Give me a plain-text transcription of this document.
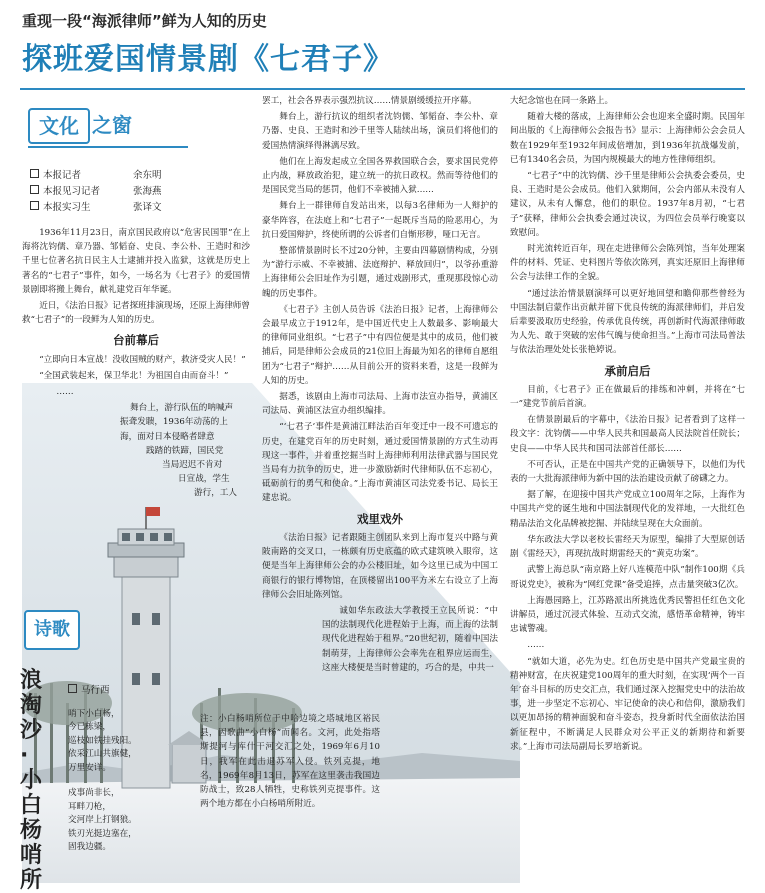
重现一段“海派律师”鲜为人知的历史
探班爱国情景剧《七君子》
文化 之窗
本报记者	余东明
本报见习记者	张海燕
本报实习生	张译文

1936年11月23日，南京国民政府以“危害民国罪”在上海将沈钧儒、章乃器、邹韬奋、史良、李公朴、王造时和沙千里七位著名抗日民主人士逮捕并投入监狱，这就是历史上著名的“七君子”事件，如今，一场名为《七君子》的爱国情景剧即将搬上舞台，献礼建党百年华诞。

近日，《法治日报》记者探班排演现场，还原上海律师曾救“七君子”的一段鲜为人知的历史。

台前幕后

“立即向日本宣战！没收国贼的财产，救济受灾人民！”

“全国武装起来，保卫华北！为祖国自由而奋斗！”

……

舞台上，游行队伍的呐喊声
振聋发聩，1936年动荡的上
海，面对日本侵略者肆意
践踏的铁蹄，国民党
当局迟迟不肯对
日宣战，学生
游行，工人

罢工，社会各界表示强烈抗议……情景剧缓缓拉开序幕。

舞台上，游行抗议的组织者沈钧儒、邹韬奋、李公朴、章乃器、史良、王造时和沙千里等人陆续出场，演员们将他们的爱国热情演绎得淋漓尽致。

他们在上海发起成立全国各界救国联合会，要求国民党停止内战，释放政治犯，建立统一的抗日政权。然而等待他们的是国民党当局的惩罚，他们不幸被捕入狱……

舞台上一群律师自发站出来，以每3名律师为一人辩护的豪华阵容，在法庭上和“七君子”一起既斥当局的险恶用心，为抗日爱国辩护，终使所谓的公诉者们自惭形秽，哑口无言。

整部情景剧时长不过20分钟，主要由四幕剧情构成，分别为“游行示威、不幸被捕、法庭辩护、释放回归”，以爷孙重游上海律师公会旧址作为引题，通过戏剧形式，重现那段惊心动魄的历史事件。

《七君子》主创人员告诉《法治日报》记者，上海律师公会最早成立于1912年，是中国近代史上人数最多、影响最大的律师同业组织。“七君子”中有四位便是其中的成员，他们被捕后，同是律师公会成员的21位旧上海最为知名的律师自愿组团为“七君子”辩护……从目前公开的资料来看，这是一段鲜为人知的历史。

据悉，该剧由上海市司法局、上海市法宣办指导，黄浦区司法局、黄浦区法宣办组织编排。

“‘七君子’事件是黄浦江畔法治百年变迁中一段不可遗忘的历史，在建党百年的历史时刻，通过爱国情景剧的方式生动再现这一事件，并着重挖掘当时上海律师利用法律武器与国民党当局有力抗争的历史，进一步激励新时代律师队伍不忘初心，砥砺前行的勇气和使命。”上海市黄浦区司法党委书记、局长王建忠说。

戏里戏外

《法治日报》记者跟随主创团队来到上海市复兴中路与黄陂南路的交叉口，一栋颇有历史底蕴的欧式建筑映入眼帘，这便是当年上海律师公会的办公楼旧址，如今这里已成为中国工商银行的银行博物馆，在顶楼留出100平方米左右设立了上海律师公会旧址陈列馆。

诚如华东政法大学教授王立民所说：“中国的法制现代化进程始于上海，而上海的法制现代化进程始于租界。”20世纪初，随着中国法制萌芽，上海律师公会率先在租界应运而生，这座大楼便是当时曾建的，巧合的是，中共一

大纪念馆也在同一条路上。

随着大楼的落成，上海律师公会也迎来全盛时期。民国年间出版的《上海律师公会报告书》显示：上海律师公会会员人数在1929年至1932年间成倍增加，到1936年抗战爆发前，已有1340名会员，为国内规模最大的地方性律师组织。

“七君子”中的沈钧儒、沙千里是律师公会执委会委员，史良、王造时是公会成员。他们入狱期间，公会内部从未没有人建议，从未有人懈怠，他们的职位。1937年8月初，“七君子”获释，律师公会执委会通过决议，为四位会员举行晚宴以致慰问。

时光流转近百年，现在走进律师公会陈列馆，当年处理案件的材料、凭证、史料图片等依次陈列，真实还原旧上海律师公会与法律工作的全貌。

“通过法治情景剧演绎可以更好地回望和瞻仰那些曾经为中国法制启蒙作出贡献并留下优良传统的海派律师们，并启发后辈要汲取历史经验，传承优良传统，再创新时代海派律师敢为人先、敢于突破的宏伟气魄与使命担当。”上海市司法局普法与依法治理处处长张艳婷说。

承前启后

目前，《七君子》正在做最后的排练和冲刺，并将在“七一”建党节前后首演。

在情景剧最后的字幕中，《法治日报》记者看到了这样一段文字：沈钧儒——中华人民共和国最高人民法院首任院长；史良——中华人民共和国司法部首任部长……

不可否认，正是在中国共产党的正确领导下，以他们为代表的一大批海派律师为新中国的法治建设贡献了磅礴之力。

据了解，在迎接中国共产党成立100周年之际，上海作为中国共产党的诞生地和中国法制现代化的发祥地，一大批红色精品法治文化品牌被挖掘、并陆续呈现在大众面前。

华东政法大学以老校长雷经天为原型，编排了大型原创话剧《雷经天》，再现抗战时期雷经天的“黄克功案”。

武警上海总队“南京路上好八连模范中队”制作100期《兵哥说党史》，被称为“网红党课”备受追捧，点击量突破3亿次。

上海愚园路上，江苏路派出所挑选优秀民警担任红色文化讲解员，通过沉浸式体验、互动式交流，感悟革命精神，铸牢忠诚警魂。

……

“就如大道，必先为史。红色历史是中国共产党最宝贵的精神财富，在庆祝建党100周年的重大时刻，在实现‘两个一百年’奋斗目标的历史交汇点，我们通过深入挖掘党史中的法治故事，进一步坚定不忘初心、牢记使命的决心和信仰，激励我们以更加昂扬的精神面貌和奋斗姿态，投身新时代全面依法治国新征程中，不断满足人民群众对公平正义的新期待和新要求。”上海市司法局副局长罗培新说。

诗歌
浪淘沙·小白杨哨所
马行西
哨下小白杨，
今已栋梁，
巡枝如铁挂残阳。
依采江山共旗健，
万里安详。
戍事尚非长，
耳畔刀枪，
交河岸上打钢狼。
铁刃光挺边塞在，
固我边疆。
注：小白杨哨所位于中哈边境之塔城地区裕民县，因歌曲“小白杨”而闻名。文河，此处指塔斯提河与库什干河交汇之处，1969年6月10日，我军在此击退苏军入侵。铁列克提，地名，1969年8月13日，苏军在这里袭击我国边防战士，致28人牺牲，史称铁列克提事件。这两个地方都在小白杨哨所附近。
